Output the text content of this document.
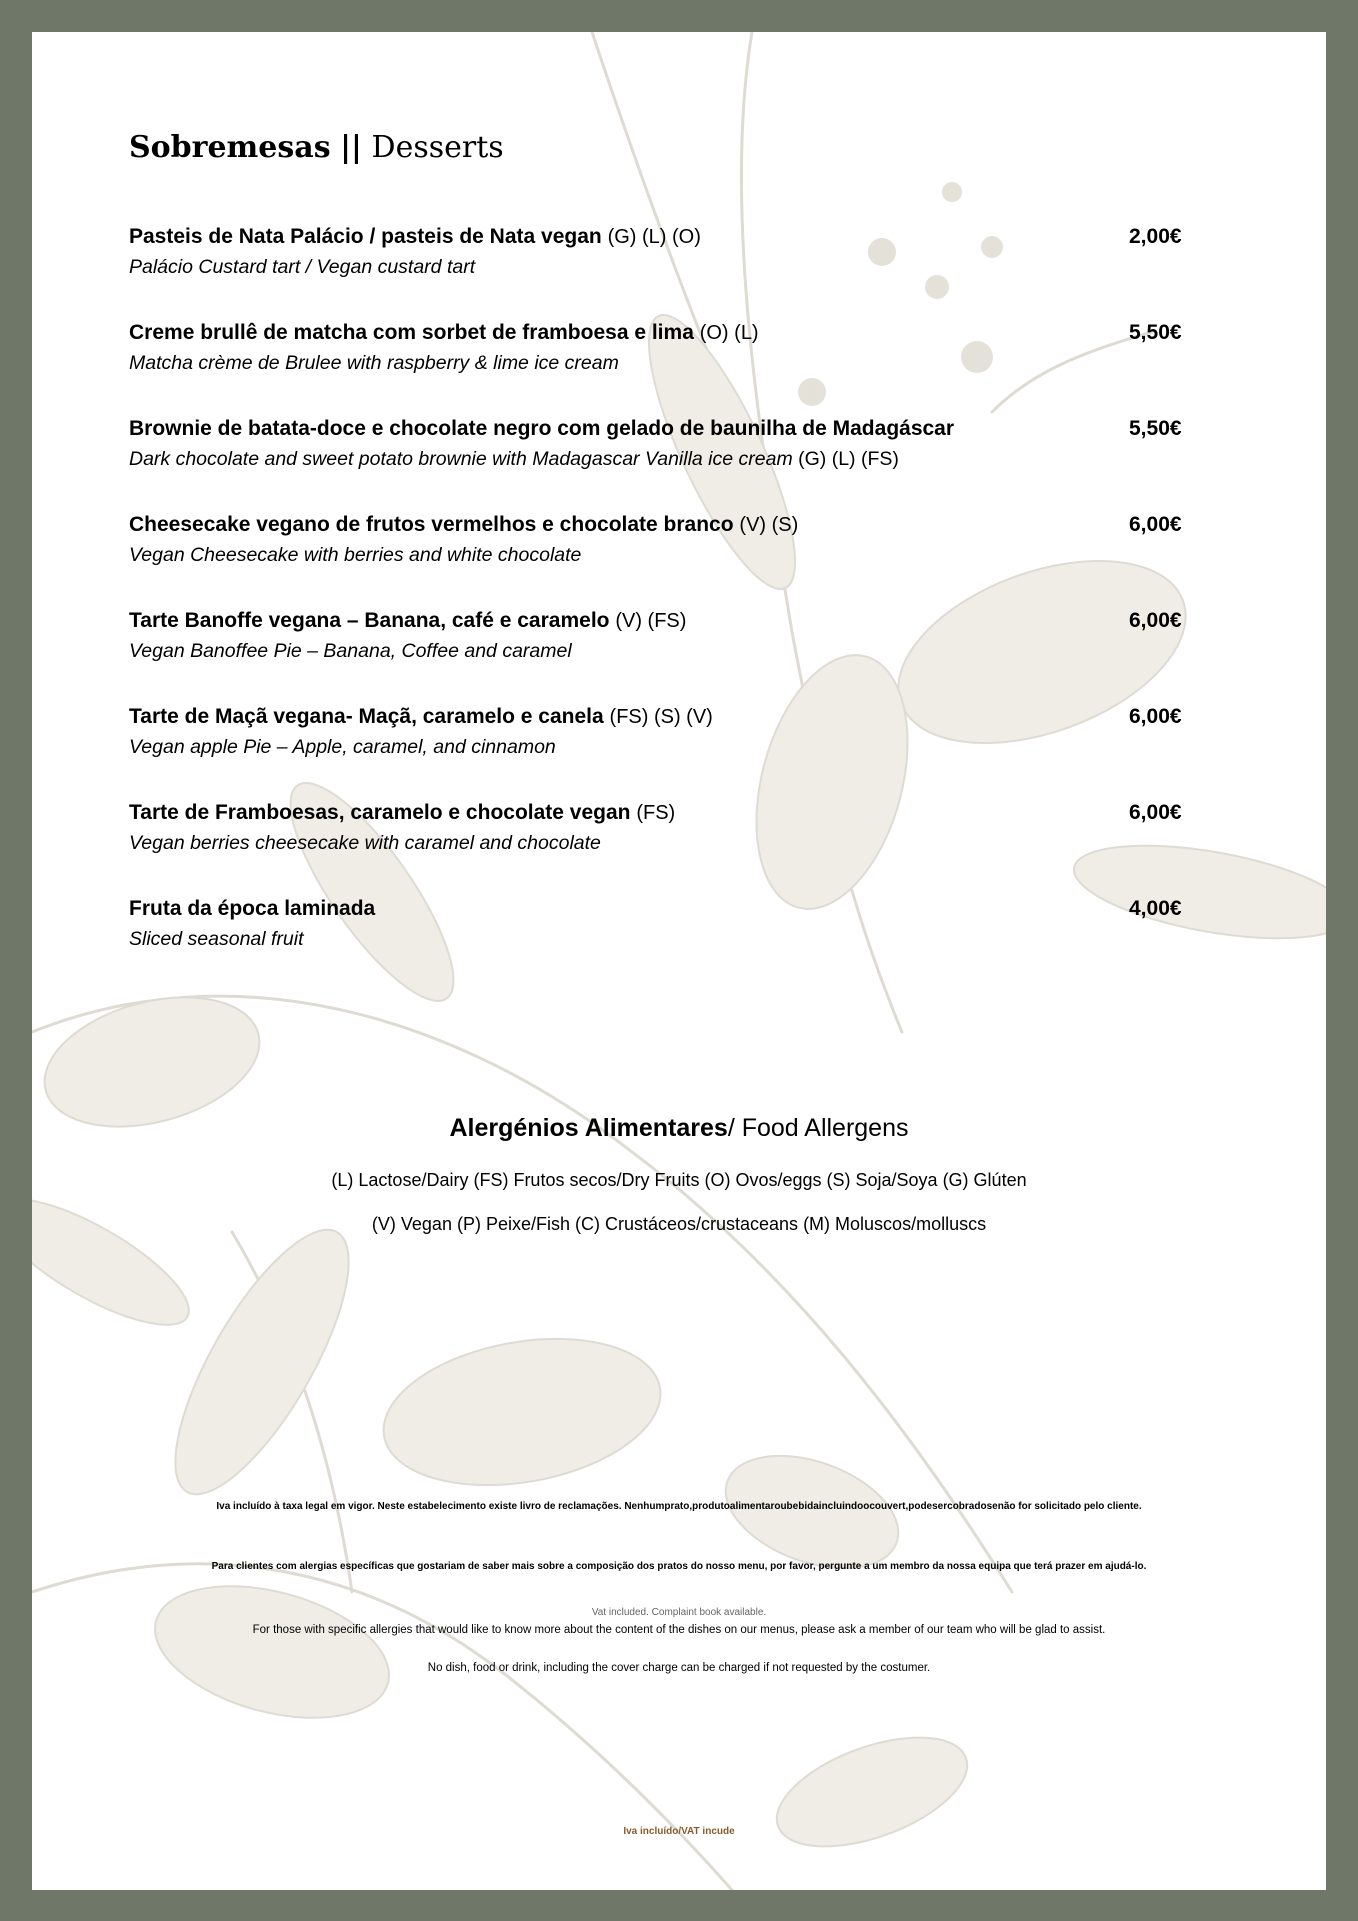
Sobremesas || Desserts
Pasteis de Nata Palácio / pasteis de Nata vegan (G) (L) (O)
Palácio Custard tart / Vegan custard tart
2,00€
Creme brullê de matcha com sorbet de framboesa e lima (O) (L)
Matcha crème de Brulee with raspberry & lime ice cream
5,50€
Brownie de batata-doce e chocolate negro com gelado de baunilha de Madagáscar
Dark chocolate and sweet potato brownie with Madagascar Vanilla ice cream (G) (L) (FS)
5,50€
Cheesecake vegano de frutos vermelhos e chocolate branco (V) (S)
Vegan Cheesecake with berries and white chocolate
6,00€
Tarte Banoffe vegana – Banana, café e caramelo (V) (FS)
Vegan Banoffee Pie – Banana, Coffee and caramel
6,00€
Tarte de Maçã vegana- Maçã, caramelo e canela (FS) (S) (V)
Vegan apple Pie – Apple, caramel, and cinnamon
6,00€
Tarte de Framboesas, caramelo e chocolate vegan (FS)
Vegan berries cheesecake with caramel and chocolate
6,00€
Fruta da época laminada
Sliced seasonal fruit
4,00€
Alergénios Alimentares/ Food Allergens
(L) Lactose/Dairy (FS) Frutos secos/Dry Fruits (O) Ovos/eggs (S) Soja/Soya (G) Glúten
(V) Vegan (P) Peixe/Fish (C) Crustáceos/crustaceans (M) Moluscos/molluscs
Iva incluído à taxa legal em vigor. Neste estabelecimento existe livro de reclamações. Nenhumprato,produtoalimentaroubebidaincluindoocouvert,podesercobradosenão for solicitado pelo cliente.
Para clientes com alergias específicas que gostariam de saber mais sobre a composição dos pratos do nosso menu, por favor, pergunte a um membro da nossa equipa que terá prazer em ajudá-lo.
Vat included. Complaint book available.
For those with specific allergies that would like to know more about the content of the dishes on our menus, please ask a member of our team who will be glad to assist.
No dish, food or drink, including the cover charge can be charged if not requested by the costumer.
Iva incluído/VAT incude
